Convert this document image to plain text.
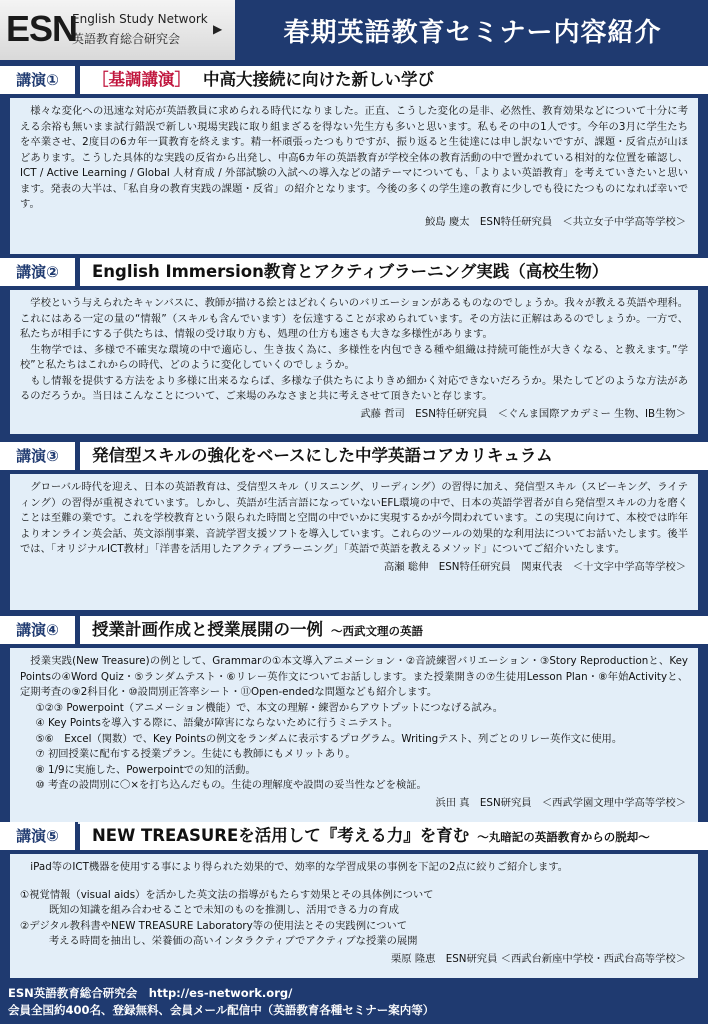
ESN
English Study Network
英語教育総合研究会
▶	春期英語教育セミナー内容紹介
講演①	［基調講演］ 中高大接続に向けた新しい学び

様々な変化への迅速な対応が英語教員に求められる時代になりました。正直、こうした変化の是非、必然性、教育効果などについて十分に考える余裕も無いまま試行錯誤で新しい現場実践に取り組まざるを得ない先生方も多いと思います。私もその中の1人です。今年の3月に学生たちを卒業させ、2度目の6カ年一貫教育を終えます。精一杯頑張ったつもりですが、振り返ると生徒達には申し訳ないですが、課題・反省点が山ほどあります。こうした具体的な実践の反省から出発し、中高6カ年の英語教育が学校全体の教育活動の中で置かれている相対的な位置を確認し、ICT / Active Learning / Global 人材育成 / 外部試験の入試への導入などの諸テーマについても、「よりよい英語教育」を考えていきたいと思います。発表の大半は、「私自身の教育実践の課題・反省」の紹介となります。今後の多くの学生達の教育に少しでも役にたつものになれば幸いです。

鮫島 慶太　ESN特任研究員　＜共立女子中学高等学校＞
講演②	English Immersion教育とアクティブラーニング実践（高校生物）

学校という与えられたキャンバスに、教師が描ける絵とはどれくらいのバリエーションがあるものなのでしょうか。我々が教える英語や理科。これにはある一定の量の“情報”（スキルも含んでいます）を伝達することが求められています。その方法に正解はあるのでしょうか。一方で、私たちが相手にする子供たちは、情報の受け取り方も、処理の仕方も速さも大きな多様性があります。

生物学では、多様で不確実な環境の中で適応し、生き抜く為に、多様性を内包できる種や組織は持続可能性が大きくなる、と教えます。”学校”と私たちはこれからの時代、どのように変化していくのでしょうか。

もし情報を提供する方法をより多様に出来るならば、多様な子供たちによりきめ細かく対応できないだろうか。果たしてどのような方法があるのだろうか。当日はこんなことについて、ご来場のみなさまと共に考えさせて頂きたいと存じます。

武藤 哲司　ESN特任研究員　＜ぐんま国際アカデミー 生物、IB生物＞
講演③	発信型スキルの強化をベースにした中学英語コアカリキュラム

グローバル時代を迎え、日本の英語教育は、受信型スキル（リスニング、リーディング）の習得に加え、発信型スキル（スピーキング、ライティング）の習得が重視されています。しかし、英語が生活言語になっていないEFL環境の中で、日本の英語学習者が自ら発信型スキルの力を磨くことは至難の業です。これを学校教育という限られた時間と空間の中でいかに実現するかが今問われています。この実現に向けて、本校では昨年よりオンライン英会話、英文添削事業、音読学習支援ソフトを導入しています。これらのツールの効果的な利用法についてお話いたします。後半では、「オリジナルICT教材」「洋書を活用したアクティブラーニング」「英語で英語を教えるメソッド」についてご紹介いたします。

高瀬 聡伸　ESN特任研究員　関東代表　＜十文字中学高等学校＞
講演④	授業計画作成と授業展開の一例 ～西武文理の英語

授業実践(New Treasure)の例として、Grammarの①本文導入アニメーション・②音読練習バリエーション・③Story Reproductionと、Key Pointsの④Word Quiz・⑤ランダムテスト・⑥リレー英作文についてお話しします。また授業開きの⑦生徒用Lesson Plan・⑧年始Activityと、定期考査の⑨2科目化・⑩設問別正答率シート・⑪Open-endedな問題なども紹介します。

①②③ Powerpoint（アニメーション機能）で、本文の理解・練習からアウトプットにつなげる試み。
④ Key Pointsを導入する際に、語彙が障害にならないために行うミニテスト。
⑤⑥　Excel（関数）で、Key Pointsの例文をランダムに表示するプログラム。Writingテスト、列ごとのリレー英作文に使用。
⑦ 初回授業に配布する授業プラン。生徒にも教師にもメリットあり。
⑧ 1/9に実施した、Powerpointでの知的活動。
⑩ 考査の設問別に〇×を打ち込んだもの。生徒の理解度や設問の妥当性などを検証。
浜田 真　ESN研究員　＜西武学園文理中学高等学校＞
講演⑤	NEW TREASUREを活用して『考える力』を育む ～丸暗記の英語教育からの脱却～

iPad等のICT機器を使用する事により得られた効果的で、効率的な学習成果の事例を下記の2点に絞りご紹介します。

①視覚情報（visual aids）を活かした英文法の指導がもたらす効果とその具体例について
既知の知識を組み合わせることで未知のものを推測し、活用できる力の育成
②デジタル教科書やNEW TREASURE Laboratory等の使用法とその実践例について
考える時間を抽出し、栄養価の高いインタラクティブでアクティブな授業の展開
栗原 隆恵　ESN研究員 ＜西武台新座中学校・西武台高等学校＞
ESN英語教育総合研究会　http://es-network.org/
会員全国約400名、登録無料、会員メール配信中（英語教育各種セミナー案内等）
